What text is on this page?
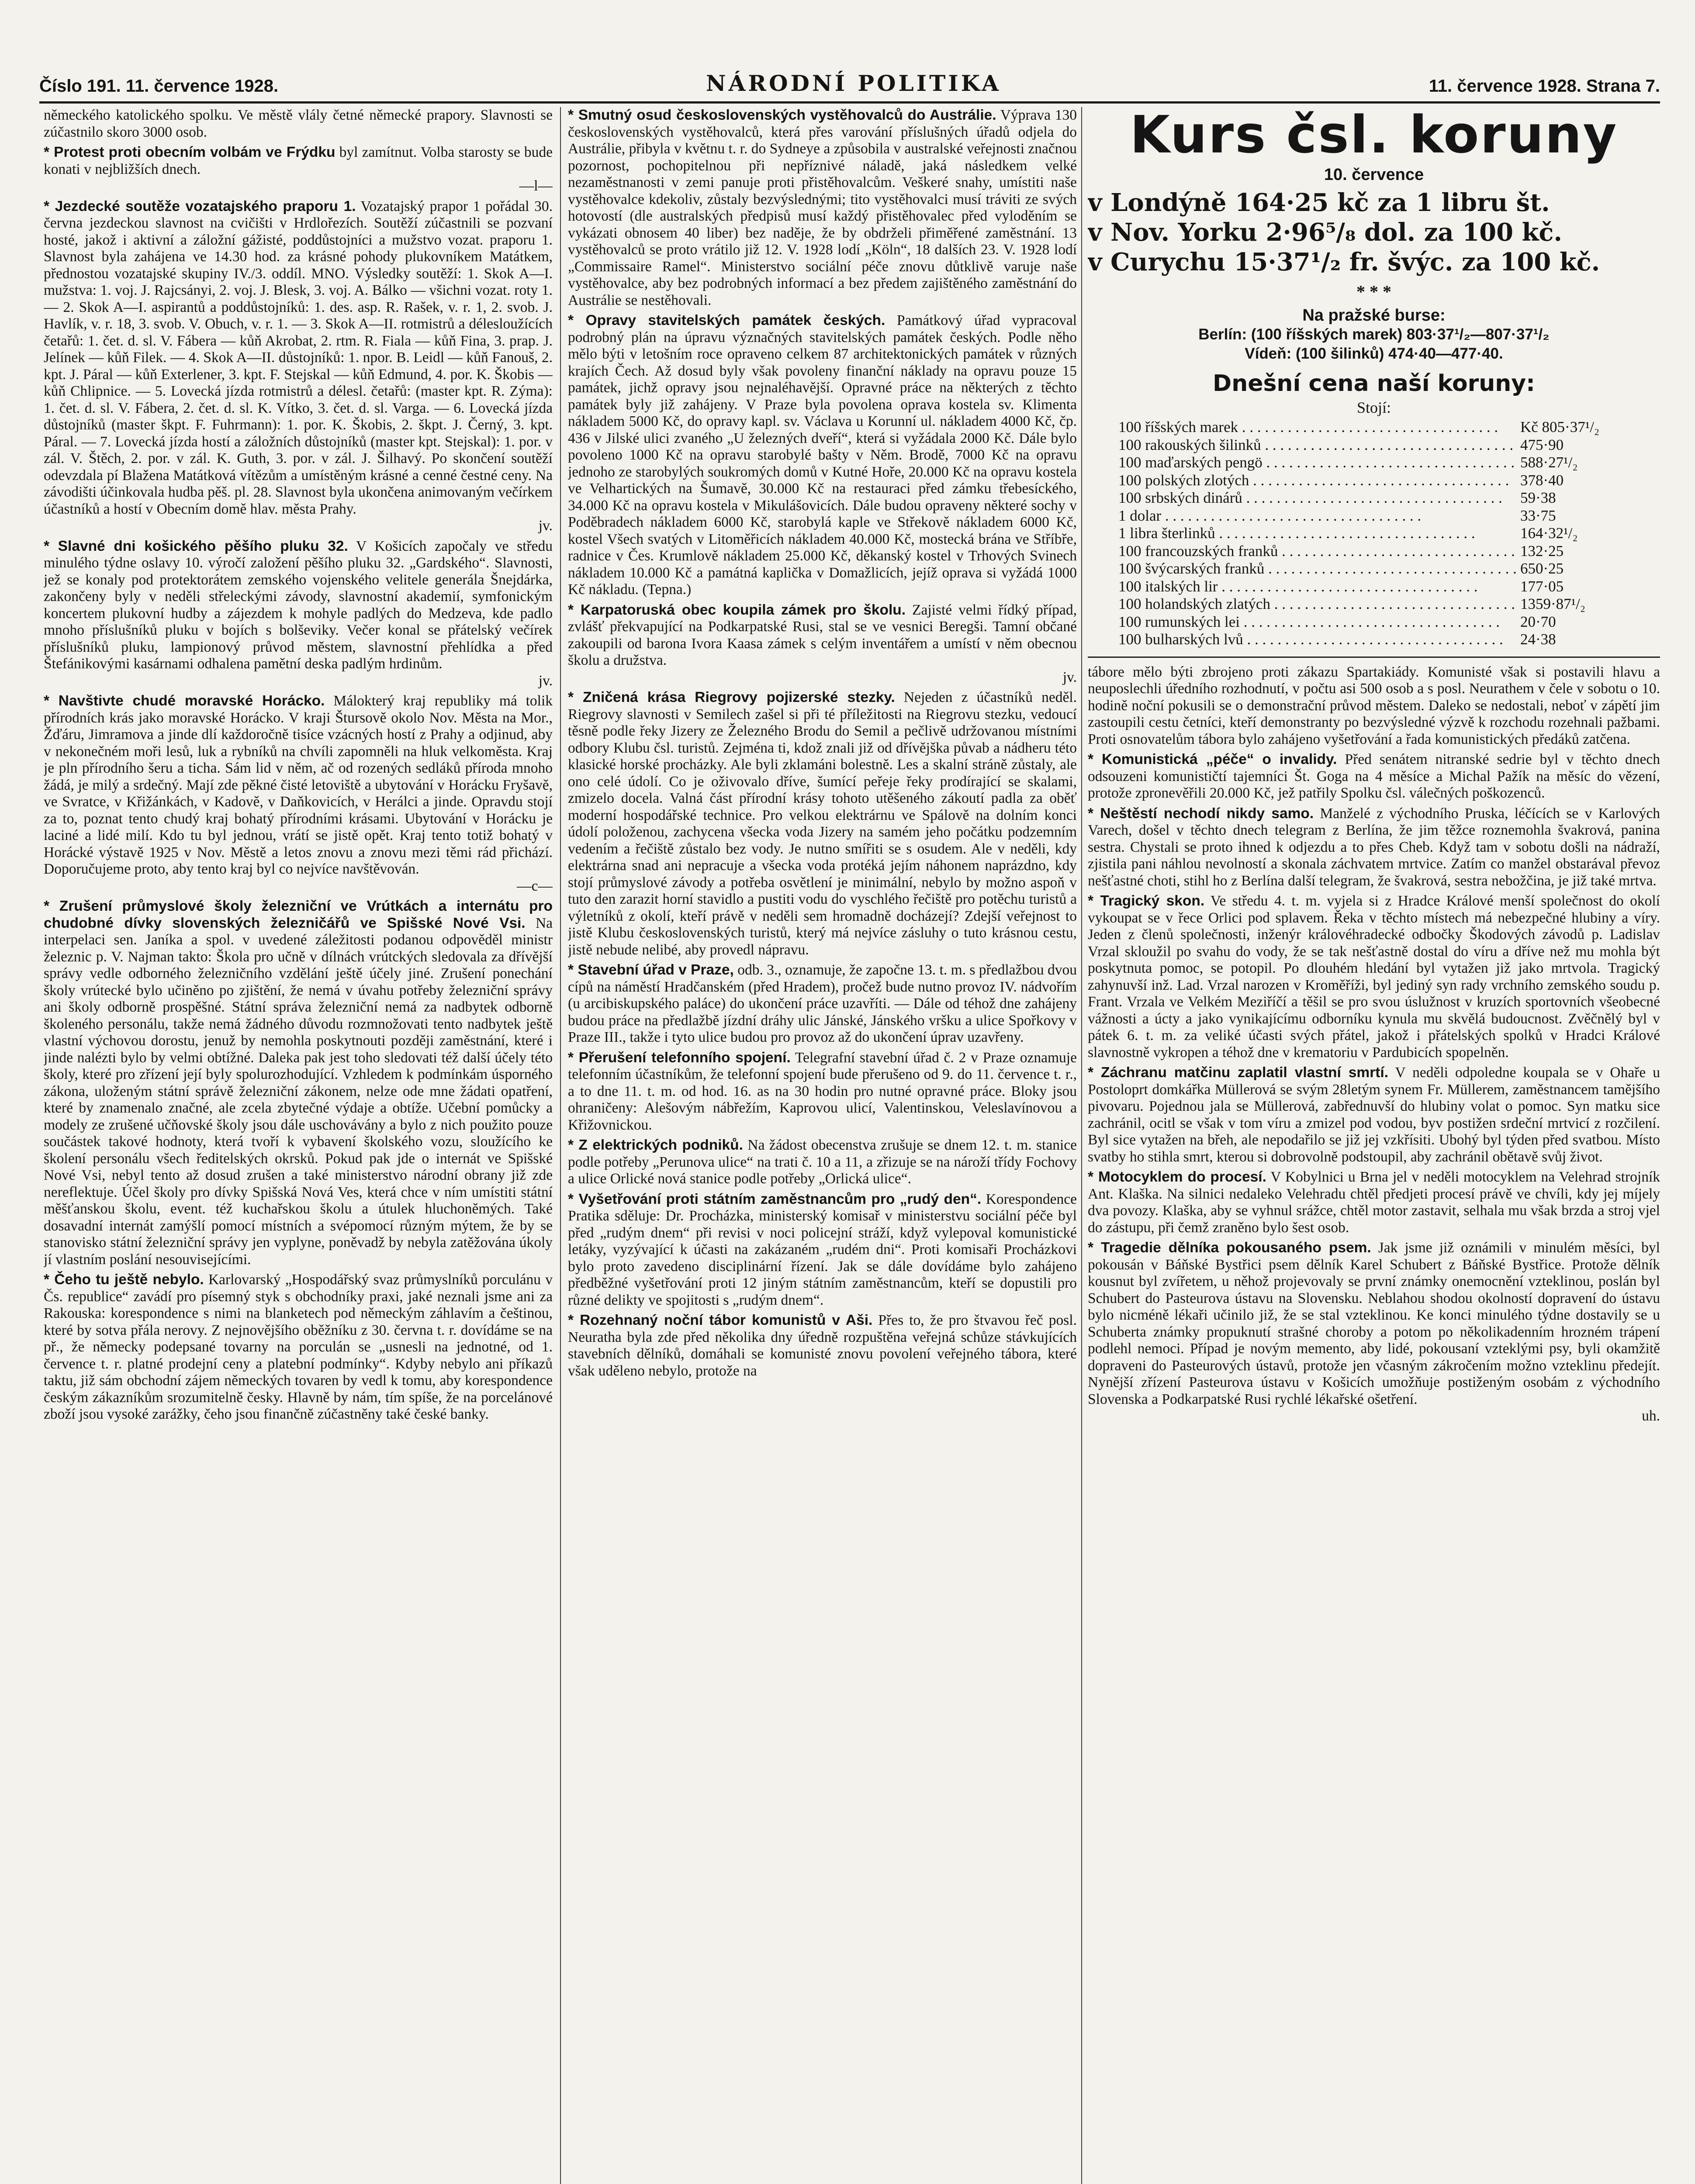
Číslo 191. 11. července 1928.	NÁRODNÍ POLITIKA	11. července 1928. Strana 7.

německého katolického spolku. Ve městě vlály četné německé prapory. Slavnosti se zúčastnilo skoro 3000 osob.

* Protest proti obecním volbám ve Frýdku byl zamítnut. Volba starosty se bude konati v nejbližších dnech.
—l—

* Jezdecké soutěže vozatajského praporu 1. Vozatajský prapor 1 pořádal 30. června jezdeckou slavnost na cvičišti v Hrdlořezích. Soutěží zúčastnili se pozvaní hosté, jakož i aktivní a záložní gážisté, poddůstojníci a mužstvo vozat. praporu 1. Slavnost byla zahájena ve 14.30 hod. za krásné pohody plukovníkem Matátkem, přednostou vozatajské skupiny IV./3. oddíl. MNO. Výsledky soutěží: 1. Skok A—I. mužstva: 1. voj. J. Rajcsányi, 2. voj. J. Blesk, 3. voj. A. Bálko — všichni vozat. roty 1. — 2. Skok A—I. aspirantů a poddůstojníků: 1. des. asp. R. Rašek, v. r. 1, 2. svob. J. Havlík, v. r. 18, 3. svob. V. Obuch, v. r. 1. — 3. Skok A—II. rotmistrů a délesloužících četařů: 1. čet. d. sl. V. Fábera — kůň Akrobat, 2. rtm. R. Fiala — kůň Fina, 3. prap. J. Jelínek — kůň Filek. — 4. Skok A—II. důstojníků: 1. npor. B. Leidl — kůň Fanouš, 2. kpt. J. Páral — kůň Exterlener, 3. kpt. F. Stejskal — kůň Edmund, 4. por. K. Škobis — kůň Chlipnice. — 5. Lovecká jízda rotmistrů a délesl. četařů: (master kpt. R. Zýma): 1. čet. d. sl. V. Fábera, 2. čet. d. sl. K. Vítko, 3. čet. d. sl. Varga. — 6. Lovecká jízda důstojníků (master škpt. F. Fuhrmann): 1. por. K. Škobis, 2. škpt. J. Černý, 3. kpt. Páral. — 7. Lovecká jízda hostí a záložních důstojníků (master kpt. Stejskal): 1. por. v zál. V. Štěch, 2. por. v zál. K. Guth, 3. por. v zál. J. Šilhavý. Po skončení soutěží odevzdala pí Blažena Matátková vítězům a umístěným krásné a cenné čestné ceny. Na závodišti účinkovala hudba pěš. pl. 28. Slavnost byla ukončena animovaným večírkem účastníků a hostí v Obecním domě hlav. města Prahy.
jv.

* Slavné dni košického pěšího pluku 32. V Košicích započaly ve středu minulého týdne oslavy 10. výročí založení pěšího pluku 32. „Gardského“. Slavnosti, jež se konaly pod protektorátem zemského vojenského velitele generála Šnejdárka, zakončeny byly v neděli střeleckými závody, slavnostní akademií, symfonickým koncertem plukovní hudby a zájezdem k mohyle padlých do Medzeva, kde padlo mnoho příslušníků pluku v bojích s bolševiky. Večer konal se přátelský večírek příslušníků pluku, lampionový průvod městem, slavnostní přehlídka a před Štefánikovými kasárnami odhalena pamětní deska padlým hrdinům.
jv.

* Navštivte chudé moravské Horácko. Málokterý kraj republiky má tolik přírodních krás jako moravské Horácko. V kraji Štursově okolo Nov. Města na Mor., Žďáru, Jimramova a jinde dlí každoročně tisíce vzácných hostí z Prahy a odjinud, aby v nekonečném moři lesů, luk a rybníků na chvíli zapomněli na hluk velkoměsta. Kraj je pln přírodního šeru a ticha. Sám lid v něm, ač od rozených sedláků příroda mnoho žádá, je milý a srdečný. Mají zde pěkné čisté letoviště a ubytování v Horácku Fryšavě, ve Svratce, v Křižánkách, v Kadově, v Daňkovicích, v Herálci a jinde. Opravdu stojí za to, poznat tento chudý kraj bohatý přírodními krásami. Ubytování v Horácku je laciné a lidé milí. Kdo tu byl jednou, vrátí se jistě opět. Kraj tento totiž bohatý v Horácké výstavě 1925 v Nov. Městě a letos znovu a znovu mezi těmi rád přichází. Doporučujeme proto, aby tento kraj byl co nejvíce navštěvován.
—c—

* Zrušení průmyslové školy železniční ve Vrútkách a internátu pro chudobné dívky slovenských železničářů ve Spišské Nové Vsi. Na interpelaci sen. Janíka a spol. v uvedené záležitosti podanou odpověděl ministr železnic p. V. Najman takto: Škola pro učně v dílnách vrútckých sledovala za dřívější správy vedle odborného železničního vzdělání ještě účely jiné. Zrušení ponechání školy vrútecké bylo učiněno po zjištění, že nemá v úvahu potřeby železniční správy ani školy odborně prospěšné. Státní správa železniční nemá za nadbytek odborně školeného personálu, takže nemá žádného důvodu rozmnožovati tento nadbytek ještě vlastní výchovou dorostu, jenuž by nemohla poskytnouti později zaměstnání, které i jinde nalézti bylo by velmi obtížné. Daleka pak jest toho sledovati též další účely této školy, které pro zřízení její byly spolurozhodující. Vzhledem k podmínkám úsporného zákona, uloženým státní správě železniční zákonem, nelze ode mne žádati opatření, které by znamenalo značné, ale zcela zbytečné výdaje a obtíže. Učební pomůcky a modely ze zrušené učňovské školy jsou dále uschovávány a bylo z nich použito pouze součástek takové hodnoty, která tvoří k vybavení školského vozu, sloužícího ke školení personálu všech ředitelských okrsků. Pokud pak jde o internát ve Spišské Nové Vsi, nebyl tento až dosud zrušen a také ministerstvo národní obrany již zde nereflektuje. Účel školy pro dívky Spišská Nová Ves, která chce v ním umístiti státní měšťanskou školu, event. též kuchařskou školu a útulek hluchoněmých. Také dosavadní internát zamýšlí pomocí místních a svépomocí různým mýtem, že by se stanovisko státní železniční správy jen vyplyne, poněvadž by nebyla zatěžována úkoly jí vlastním poslání nesouvisejícími.

* Čeho tu ještě nebylo. Karlovarský „Hospodářský svaz průmyslníků porculánu v Čs. republice“ zavádí pro písemný styk s obchodníky praxi, jaké neznali jsme ani za Rakouska: korespondence s nimi na blanketech pod německým záhlavím a češtinou, které by sotva přála nerovy. Z nejnovějšího oběžníku z 30. června t. r. dovídáme se na př., že německy podepsané tovarny na porculán se „usnesli na jednotné, od 1. července t. r. platné prodejní ceny a platební podmínky“. Kdyby nebylo ani příkazů taktu, již sám obchodní zájem německých tovaren by vedl k tomu, aby korespondence českým zákazníkům srozumitelně česky. Hlavně by nám, tím spíše, že na porcelánové zboží jsou vysoké zarážky, čeho jsou finančně zúčastněny také české banky.

* Smutný osud československých vystěhovalců do Austrálie. Výprava 130 československých vystěhovalců, která přes varování příslušných úřadů odjela do Austrálie, přibyla v květnu t. r. do Sydneye a způsobila v australské veřejnosti značnou pozornost, pochopitelnou při nepříznivé náladě, jaká následkem velké nezaměstnanosti v zemi panuje proti přistěhovalcům. Veškeré snahy, umístiti naše vystěhovalce kdekoliv, zůstaly bezvýslednými; tito vystěhovalci musí tráviti ze svých hotovostí (dle australských předpisů musí každý přistěhovalec před vyloděním se vykázati obnosem 40 liber) bez naděje, že by obdrželi přiměřené zaměstnání. 13 vystěhovalců se proto vrátilo již 12. V. 1928 lodí „Köln“, 18 dalších 23. V. 1928 lodí „Commissaire Ramel“. Ministerstvo sociální péče znovu důtklivě varuje naše vystěhovalce, aby bez podrobných informací a bez předem zajištěného zaměstnání do Austrálie se nestěhovali.

* Opravy stavitelských památek českých. Památkový úřad vypracoval podrobný plán na úpravu význačných stavitelských památek českých. Podle něho mělo býti v letošním roce opraveno celkem 87 architektonických památek v různých krajích Čech. Až dosud byly však povoleny finanční náklady na opravu pouze 15 památek, jichž opravy jsou nejnaléhavější. Opravné práce na některých z těchto památek byly již zahájeny. V Praze byla povolena oprava kostela sv. Klimenta nákladem 5000 Kč, do opravy kapl. sv. Václava u Korunní ul. nákladem 4000 Kč, čp. 436 v Jilské ulici zvaného „U železných dveří“, která si vyžádala 2000 Kč. Dále bylo povoleno 1000 Kč na opravu starobylé bašty v Něm. Brodě, 7000 Kč na opravu jednoho ze starobylých soukromých domů v Kutné Hoře, 20.000 Kč na opravu kostela ve Velhartických na Šumavě, 30.000 Kč na restauraci před zámku třebesíckého, 34.000 Kč na opravu kostela v Mikulášovicích. Dále budou opraveny některé sochy v Poděbradech nákladem 6000 Kč, starobylá kaple ve Střekově nákladem 6000 Kč, kostel Všech svatých v Litoměřicích nákladem 40.000 Kč, mostecká brána ve Stříbře, radnice v Čes. Krumlově nákladem 25.000 Kč, děkanský kostel v Trhových Svinech nákladem 10.000 Kč a památná kaplička v Domažlicích, jejíž oprava si vyžádá 1000 Kč nákladu. (Tepna.)

* Karpatoruská obec koupila zámek pro školu. Zajisté velmi řídký případ, zvlášť překvapující na Podkarpatské Rusi, stal se ve vesnici Beregši. Tamní občané zakoupili od barona Ivora Kaasa zámek s celým inventářem a umístí v něm obecnou školu a družstva.
jv.

* Zničená krása Riegrovy pojizerské stezky. Nejeden z účastníků neděl. Riegrovy slavnosti v Semilech zašel si při té příležitosti na Riegrovu stezku, vedoucí těsně podle řeky Jizery ze Železného Brodu do Semil a pečlivě udržovanou místními odbory Klubu čsl. turistů. Zejména ti, kdož znali již od dřívějška půvab a nádheru této klasické horské procházky. Ale byli zklamáni bolestně. Les a skalní stráně zůstaly, ale ono celé údolí. Co je oživovalo dříve, šumící peřeje řeky prodírající se skalami, zmizelo docela. Valná část přírodní krásy tohoto utěšeného zákoutí padla za oběť moderní hospodářské technice. Pro velkou elektrárnu ve Spálově na dolním konci údolí položenou, zachycena všecka voda Jizery na samém jeho počátku podzemním vedením a řečiště zůstalo bez vody. Je nutno smířiti se s osudem. Ale v neděli, kdy elektrárna snad ani nepracuje a všecka voda protéká jejím náhonem naprázdno, kdy stojí průmyslové závody a potřeba osvětlení je minimální, nebylo by možno aspoň v tuto den zarazit horní stavidlo a pustiti vodu do vyschlého řečiště pro potěchu turistů a výletníků z okolí, kteří právě v neděli sem hromadně docházejí? Zdejší veřejnost to jistě Klubu československých turistů, který má nejvíce zásluhy o tuto krásnou cestu, jistě nebude nelibé, aby provedl nápravu.

* Stavební úřad v Praze, odb. 3., oznamuje, že započne 13. t. m. s předlažbou dvou cípů na náměstí Hradčanském (před Hradem), pročež bude nutno provoz IV. nádvořím (u arcibiskupského paláce) do ukončení práce uzavříti. — Dále od téhož dne zahájeny budou práce na předlažbě jízdní dráhy ulic Jánské, Jánského vršku a ulice Spořkovy v Praze III., takže i tyto ulice budou pro provoz až do ukončení úprav uzavřeny.

* Přerušení telefonního spojení. Telegrafní stavební úřad č. 2 v Praze oznamuje telefonním účastníkům, že telefonní spojení bude přerušeno od 9. do 11. července t. r., a to dne 11. t. m. od hod. 16. as na 30 hodin pro nutné opravné práce. Bloky jsou ohraničeny: Alešovým nábřežím, Kaprovou ulicí, Valentinskou, Veleslavínovou a Křižovnickou.

* Z elektrických podniků. Na žádost obecenstva zrušuje se dnem 12. t. m. stanice podle potřeby „Perunova ulice“ na trati č. 10 a 11, a zřizuje se na nároží třídy Fochovy a ulice Orlické nová stanice podle potřeby „Orlická ulice“.

* Vyšetřování proti státním zaměstnancům pro „rudý den“. Korespondence Pratika sděluje: Dr. Procházka, ministerský komisař v ministerstvu sociální péče byl před „rudým dnem“ při revisi v noci policejní stráží, když vylepoval komunistické letáky, vyzývající k účasti na zakázaném „rudém dni“. Proti komisaři Procházkovi bylo proto zavedeno disciplinární řízení. Jak se dále dovídáme bylo zahájeno předběžné vyšetřování proti 12 jiným státním zaměstnancům, kteří se dopustili pro různé delikty ve spojitosti s „rudým dnem“.

* Rozehnaný noční tábor komunistů v Aši. Přes to, že pro štvavou řeč posl. Neuratha byla zde před několika dny úředně rozpuštěna veřejná schůze stávkujících stavebních dělníků, domáhali se komunisté znovu povolení veřejného tábora, které však uděleno nebylo, protože na

Kurs čsl. koruny
10. července
v Londýně 164·25 kč za 1 libru št.
v Nov. Yorku 2·96⁵/₈ dol. za 100 kč.
v Curychu 15·37¹/₂ fr. švýc. za 100 kč.
* * *
Na pražské burse:
Berlín: (100 říšských marek) 803·37¹/₂—807·37¹/₂
Vídeň: (100 šilinků) 474·40—477·40.
Dnešní cena naší koruny:
Stojí:
100 říšských marek . . .	Kč 805·37¹/₂
100 rakouských šilinků . . .	475·90
100 maďarských pengö . . .	588·27¹/₂
100 polských zlotých . . .	378·40
100 srbských dinárů . . .	59·38
1 dolar . . .	33·75
1 libra šterlinků . . .	164·32¹/₂
100 francouzských franků . . .	132·25
100 švýcarských franků . . .	650·25
100 italských lir . . .	177·05
100 holandských zlatých . . .	1359·87¹/₂
100 rumunských lei . . .	20·70
100 bulharských lvů . . .	24·38

tábore mělo býti zbrojeno proti zákazu Spartakiády. Komunisté však si postavili hlavu a neuposlechli úředního rozhodnutí, v počtu asi 500 osob a s posl. Neurathem v čele v sobotu o 10. hodině noční pokusili se o demonstrační průvod městem. Daleko se nedostali, neboť v zápětí jim zastoupili cestu četníci, kteří demonstranty po bezvýsledné výzvě k rozchodu rozehnali pažbami. Proti osnovatelům tábora bylo zahájeno vyšetřování a řada komunistických předáků zatčena.

* Komunistická „péče“ o invalidy. Před senátem nitranské sedrie byl v těchto dnech odsouzeni komunističtí tajemníci Št. Goga na 4 měsíce a Michal Pažík na měsíc do vězení, protože zpronevěřili 20.000 Kč, jež patřily Spolku čsl. válečných poškozenců.

* Neštěstí nechodí nikdy samo. Manželé z východního Pruska, léčících se v Karlových Varech, došel v těchto dnech telegram z Berlína, že jim těžce roznemohla švakrová, panina sestra. Chystali se proto ihned k odjezdu a to přes Cheb. Když tam v sobotu došli na nádraží, zjistila pani náhlou nevolností a skonala záchvatem mrtvice. Zatím co manžel obstarával převoz nešťastné choti, stihl ho z Berlína další telegram, že švakrová, sestra nebožčina, je již také mrtva.

* Tragický skon. Ve středu 4. t. m. vyjela si z Hradce Králové menší společnost do okolí vykoupat se v řece Orlici pod splavem. Řeka v těchto místech má nebezpečné hlubiny a víry. Jeden z členů společnosti, inženýr královéhradecké odbočky Škodových závodů p. Ladislav Vrzal skloužil po svahu do vody, že se tak nešťastně dostal do víru a dříve než mu mohla být poskytnuta pomoc, se potopil. Po dlouhém hledání byl vytažen již jako mrtvola. Tragický zahynuvší inž. Lad. Vrzal narozen v Kroměříži, byl jediný syn rady vrchního zemského soudu p. Frant. Vrzala ve Velkém Meziříčí a těšil se pro svou úslužnost v kruzích sportovních všeobecné vážnosti a úcty a jako vynikajícímu odborníku kynula mu skvělá budoucnost. Zvěčnělý byl v pátek 6. t. m. za veliké účasti svých přátel, jakož i přátelských spolků v Hradci Králové slavnostně vykropen a téhož dne v krematoriu v Pardubicích spopelněn.

* Záchranu matčinu zaplatil vlastní smrtí. V neděli odpoledne koupala se v Ohaře u Postoloprt domkářka Müllerová se svým 28letým synem Fr. Müllerem, zaměstnancem tamějšího pivovaru. Pojednou jala se Müllerová, zabřednuvší do hlubiny volat o pomoc. Syn matku sice zachránil, ocitl se však v tom víru a zmizel pod vodou, byv postižen srdeční mrtvicí z rozčilení. Byl sice vytažen na břeh, ale nepodařilo se již jej vzkřísiti. Ubohý byl týden před svatbou. Místo svatby ho stihla smrt, kterou si dobrovolně podstoupil, aby zachránil obětavě svůj život.

* Motocyklem do procesí. V Kobylnici u Brna jel v neděli motocyklem na Velehrad strojník Ant. Klaška. Na silnici nedaleko Velehradu chtěl předjeti procesí právě ve chvíli, kdy jej míjely dva povozy. Klaška, aby se vyhnul srážce, chtěl motor zastavit, selhala mu však brzda a stroj vjel do zástupu, při čemž zraněno bylo šest osob.

* Tragedie dělníka pokousaného psem. Jak jsme již oznámili v minulém měsíci, byl pokousán v Báňské Bystřici psem dělník Karel Schubert z Báňské Bystřice. Protože dělník kousnut byl zvířetem, u něhož projevovaly se první známky onemocnění vzteklinou, poslán byl Schubert do Pasteurova ústavu na Slovensku. Neblahou shodou okolností dopravení do ústavu bylo nicméně lékaři učinilo již, že se stal vzteklinou. Ke konci minulého týdne dostavily se u Schuberta známky propuknutí strašné choroby a potom po několikadenním hrozném trápení podlehl nemoci. Případ je novým memento, aby lidé, pokousaní vzteklými psy, byli okamžitě dopraveni do Pasteurových ústavů, protože jen včasným zákročením možno vzteklinu předejít. Nynější zřízení Pasteurova ústavu v Košicích umožňuje postiženým osobám z východního Slovenska a Podkarpatské Rusi rychlé lékařské ošetření.
uh.
